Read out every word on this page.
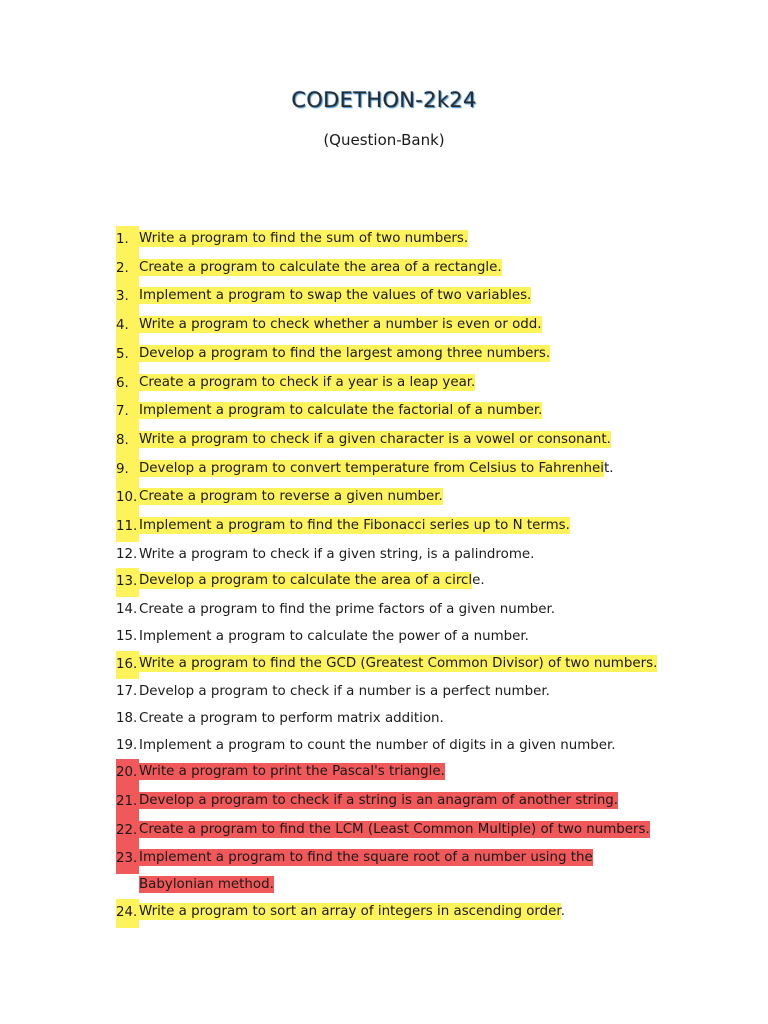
CODETHON-2k24
(Question-Bank)
1. Write a program to find the sum of two numbers.
2. Create a program to calculate the area of a rectangle.
3. Implement a program to swap the values of two variables.
4. Write a program to check whether a number is even or odd.
5. Develop a program to find the largest among three numbers.
6. Create a program to check if a year is a leap year.
7. Implement a program to calculate the factorial of a number.
8. Write a program to check if a given character is a vowel or consonant.
9. Develop a program to convert temperature from Celsius to Fahrenheit.
10. Create a program to reverse a given number.
11. Implement a program to find the Fibonacci series up to N terms.
12. Write a program to check if a given string, is a palindrome.
13. Develop a program to calculate the area of a circle.
14. Create a program to find the prime factors of a given number.
15. Implement a program to calculate the power of a number.
16. Write a program to find the GCD (Greatest Common Divisor) of two numbers.
17. Develop a program to check if a number is a perfect number.
18. Create a program to perform matrix addition.
19. Implement a program to count the number of digits in a given number.
20. Write a program to print the Pascal's triangle.
21. Develop a program to check if a string is an anagram of another string.
22. Create a program to find the LCM (Least Common Multiple) of two numbers.
23. Implement a program to find the square root of a number using the Babylonian method.
24. Write a program to sort an array of integers in ascending order.
